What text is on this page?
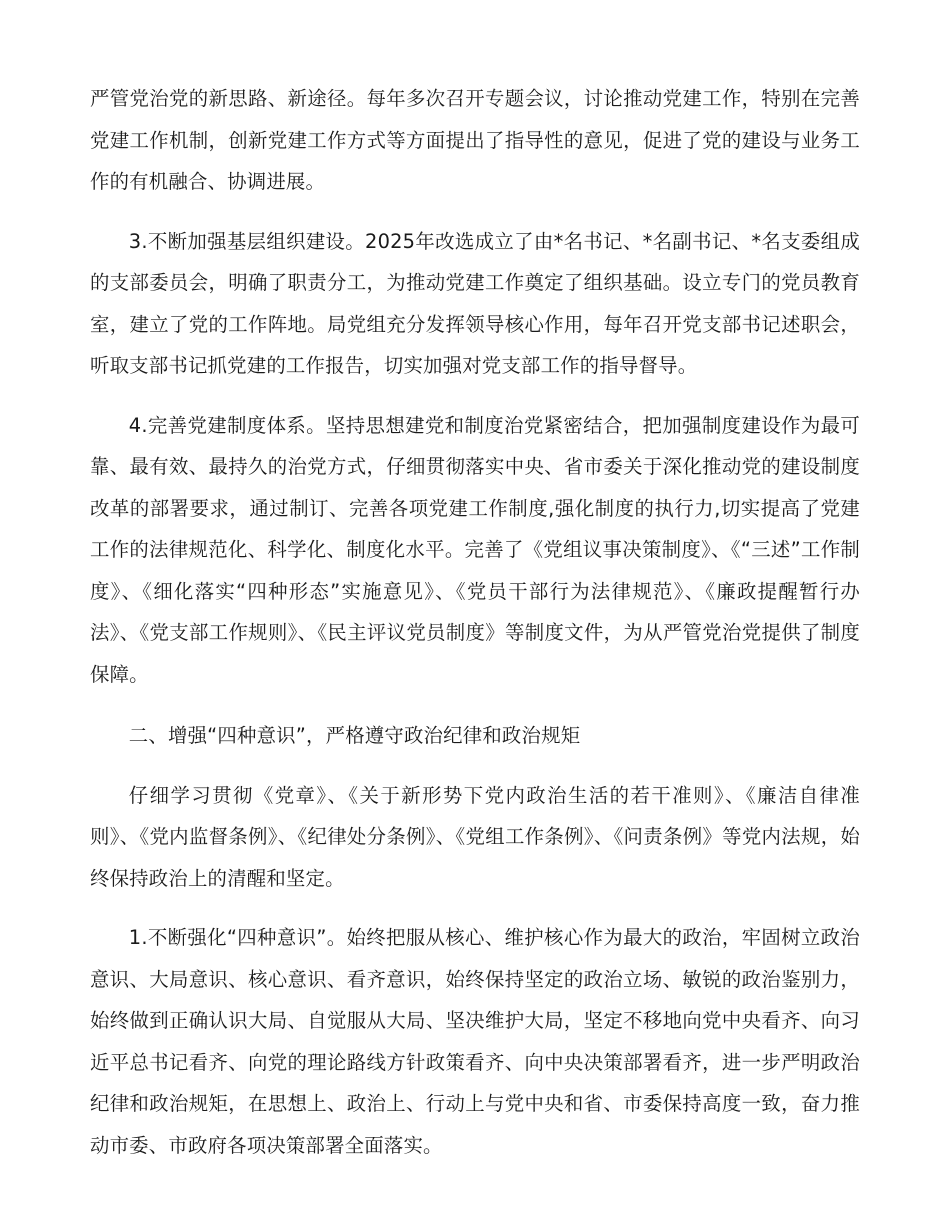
严管党治党的新思路、新途径。每年多次召开专题会议，讨论推动党建工作，特别在完善党建工作机制，创新党建工作方式等方面提出了指导性的意见，促进了党的建设与业务工作的有机融合、协调进展。

3.不断加强基层组织建设。2025年改选成立了由*名书记、*名副书记、*名支委组成的支部委员会，明确了职责分工，为推动党建工作奠定了组织基础。设立专门的党员教育室，建立了党的工作阵地。局党组充分发挥领导核心作用，每年召开党支部书记述职会，听取支部书记抓党建的工作报告，切实加强对党支部工作的指导督导。

4.完善党建制度体系。坚持思想建党和制度治党紧密结合，把加强制度建设作为最可靠、最有效、最持久的治党方式，仔细贯彻落实中央、省市委关于深化推动党的建设制度改革的部署要求，通过制订、完善各项党建工作制度,强化制度的执行力,切实提高了党建工作的法律规范化、科学化、制度化水平。完善了《党组议事决策制度》、《“三述”工作制度》、《细化落实“四种形态”实施意见》、《党员干部行为法律规范》、《廉政提醒暂行办法》、《党支部工作规则》、《民主评议党员制度》等制度文件，为从严管党治党提供了制度保障。

二、增强“四种意识”，严格遵守政治纪律和政治规矩

仔细学习贯彻《党章》、《关于新形势下党内政治生活的若干准则》、《廉洁自律准则》、《党内监督条例》、《纪律处分条例》、《党组工作条例》、《问责条例》等党内法规，始终保持政治上的清醒和坚定。

1.不断强化“四种意识”。始终把服从核心、维护核心作为最大的政治，牢固树立政治意识、大局意识、核心意识、看齐意识，始终保持坚定的政治立场、敏锐的政治鉴别力，始终做到正确认识大局、自觉服从大局、坚决维护大局，坚定不移地向党中央看齐、向习近平总书记看齐、向党的理论路线方针政策看齐、向中央决策部署看齐，进一步严明政治纪律和政治规矩，在思想上、政治上、行动上与党中央和省、市委保持高度一致，奋力推动市委、市政府各项决策部署全面落实。
